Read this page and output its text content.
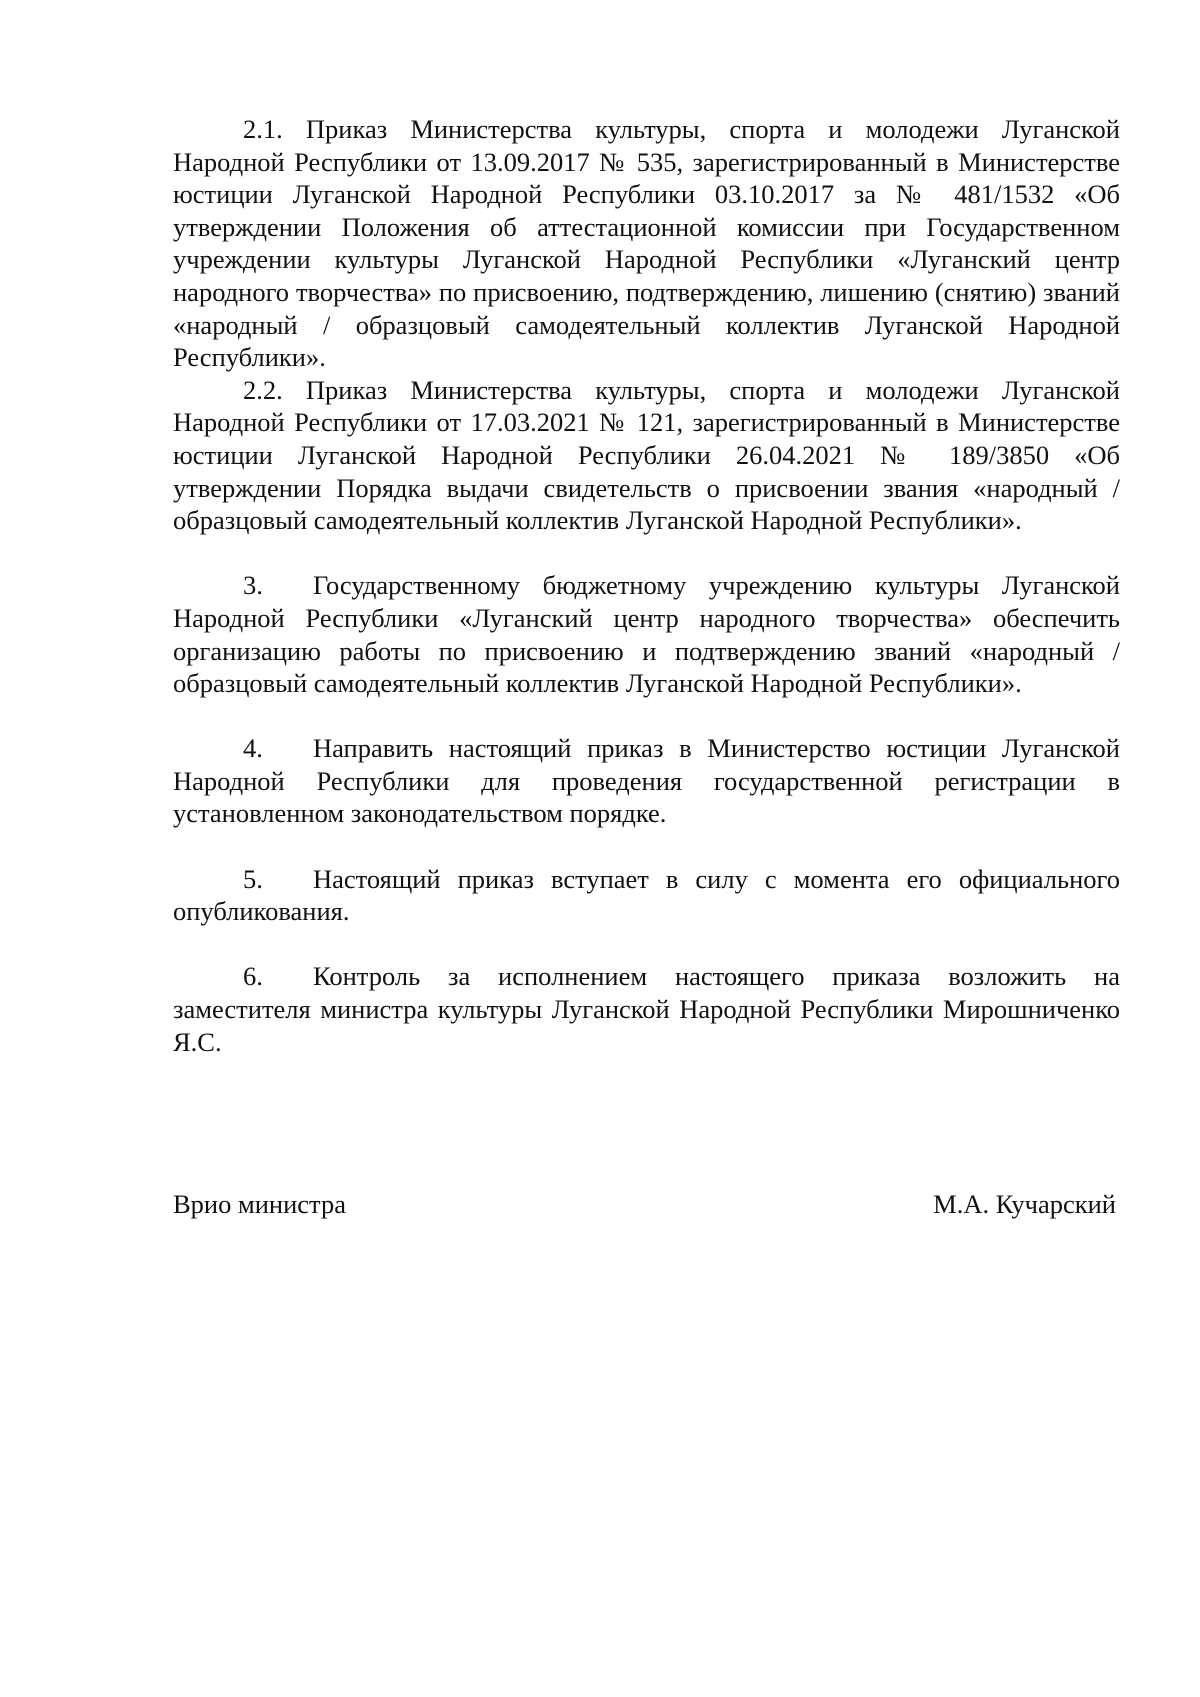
2.1. Приказ Министерства культуры, спорта и молодежи Луганской Народной Республики от 13.09.2017 № 535, зарегистрированный в Министерстве юстиции Луганской Народной Республики 03.10.2017 за № 481/1532 «Об утверждении Положения об аттестационной комиссии при Государственном учреждении культуры Луганской Народной Республики «Луганский центр народного творчества» по присвоению, подтверждению, лишению (снятию) званий «народный / образцовый самодеятельный коллектив Луганской Народной Республики».

2.2. Приказ Министерства культуры, спорта и молодежи Луганской Народной Республики от 17.03.2021 № 121, зарегистрированный в Министерстве юстиции Луганской Народной Республики 26.04.2021 № 189/3850 «Об утверждении Порядка выдачи свидетельств о присвоении звания «народный / образцовый самодеятельный коллектив Луганской Народной Республики».

3. Государственному бюджетному учреждению культуры Луганской Народной Республики «Луганский центр народного творчества» обеспечить организацию работы по присвоению и подтверждению званий «народный / образцовый самодеятельный коллектив Луганской Народной Республики».

4. Направить настоящий приказ в Министерство юстиции Луганской Народной Республики для проведения государственной регистрации в установленном законодательством порядке.

5. Настоящий приказ вступает в силу с момента его официального опубликования.

6. Контроль за исполнением настоящего приказа возложить на заместителя министра культуры Луганской Народной Республики Мирошниченко Я.С.

Врио министра	М.А. Кучарский
